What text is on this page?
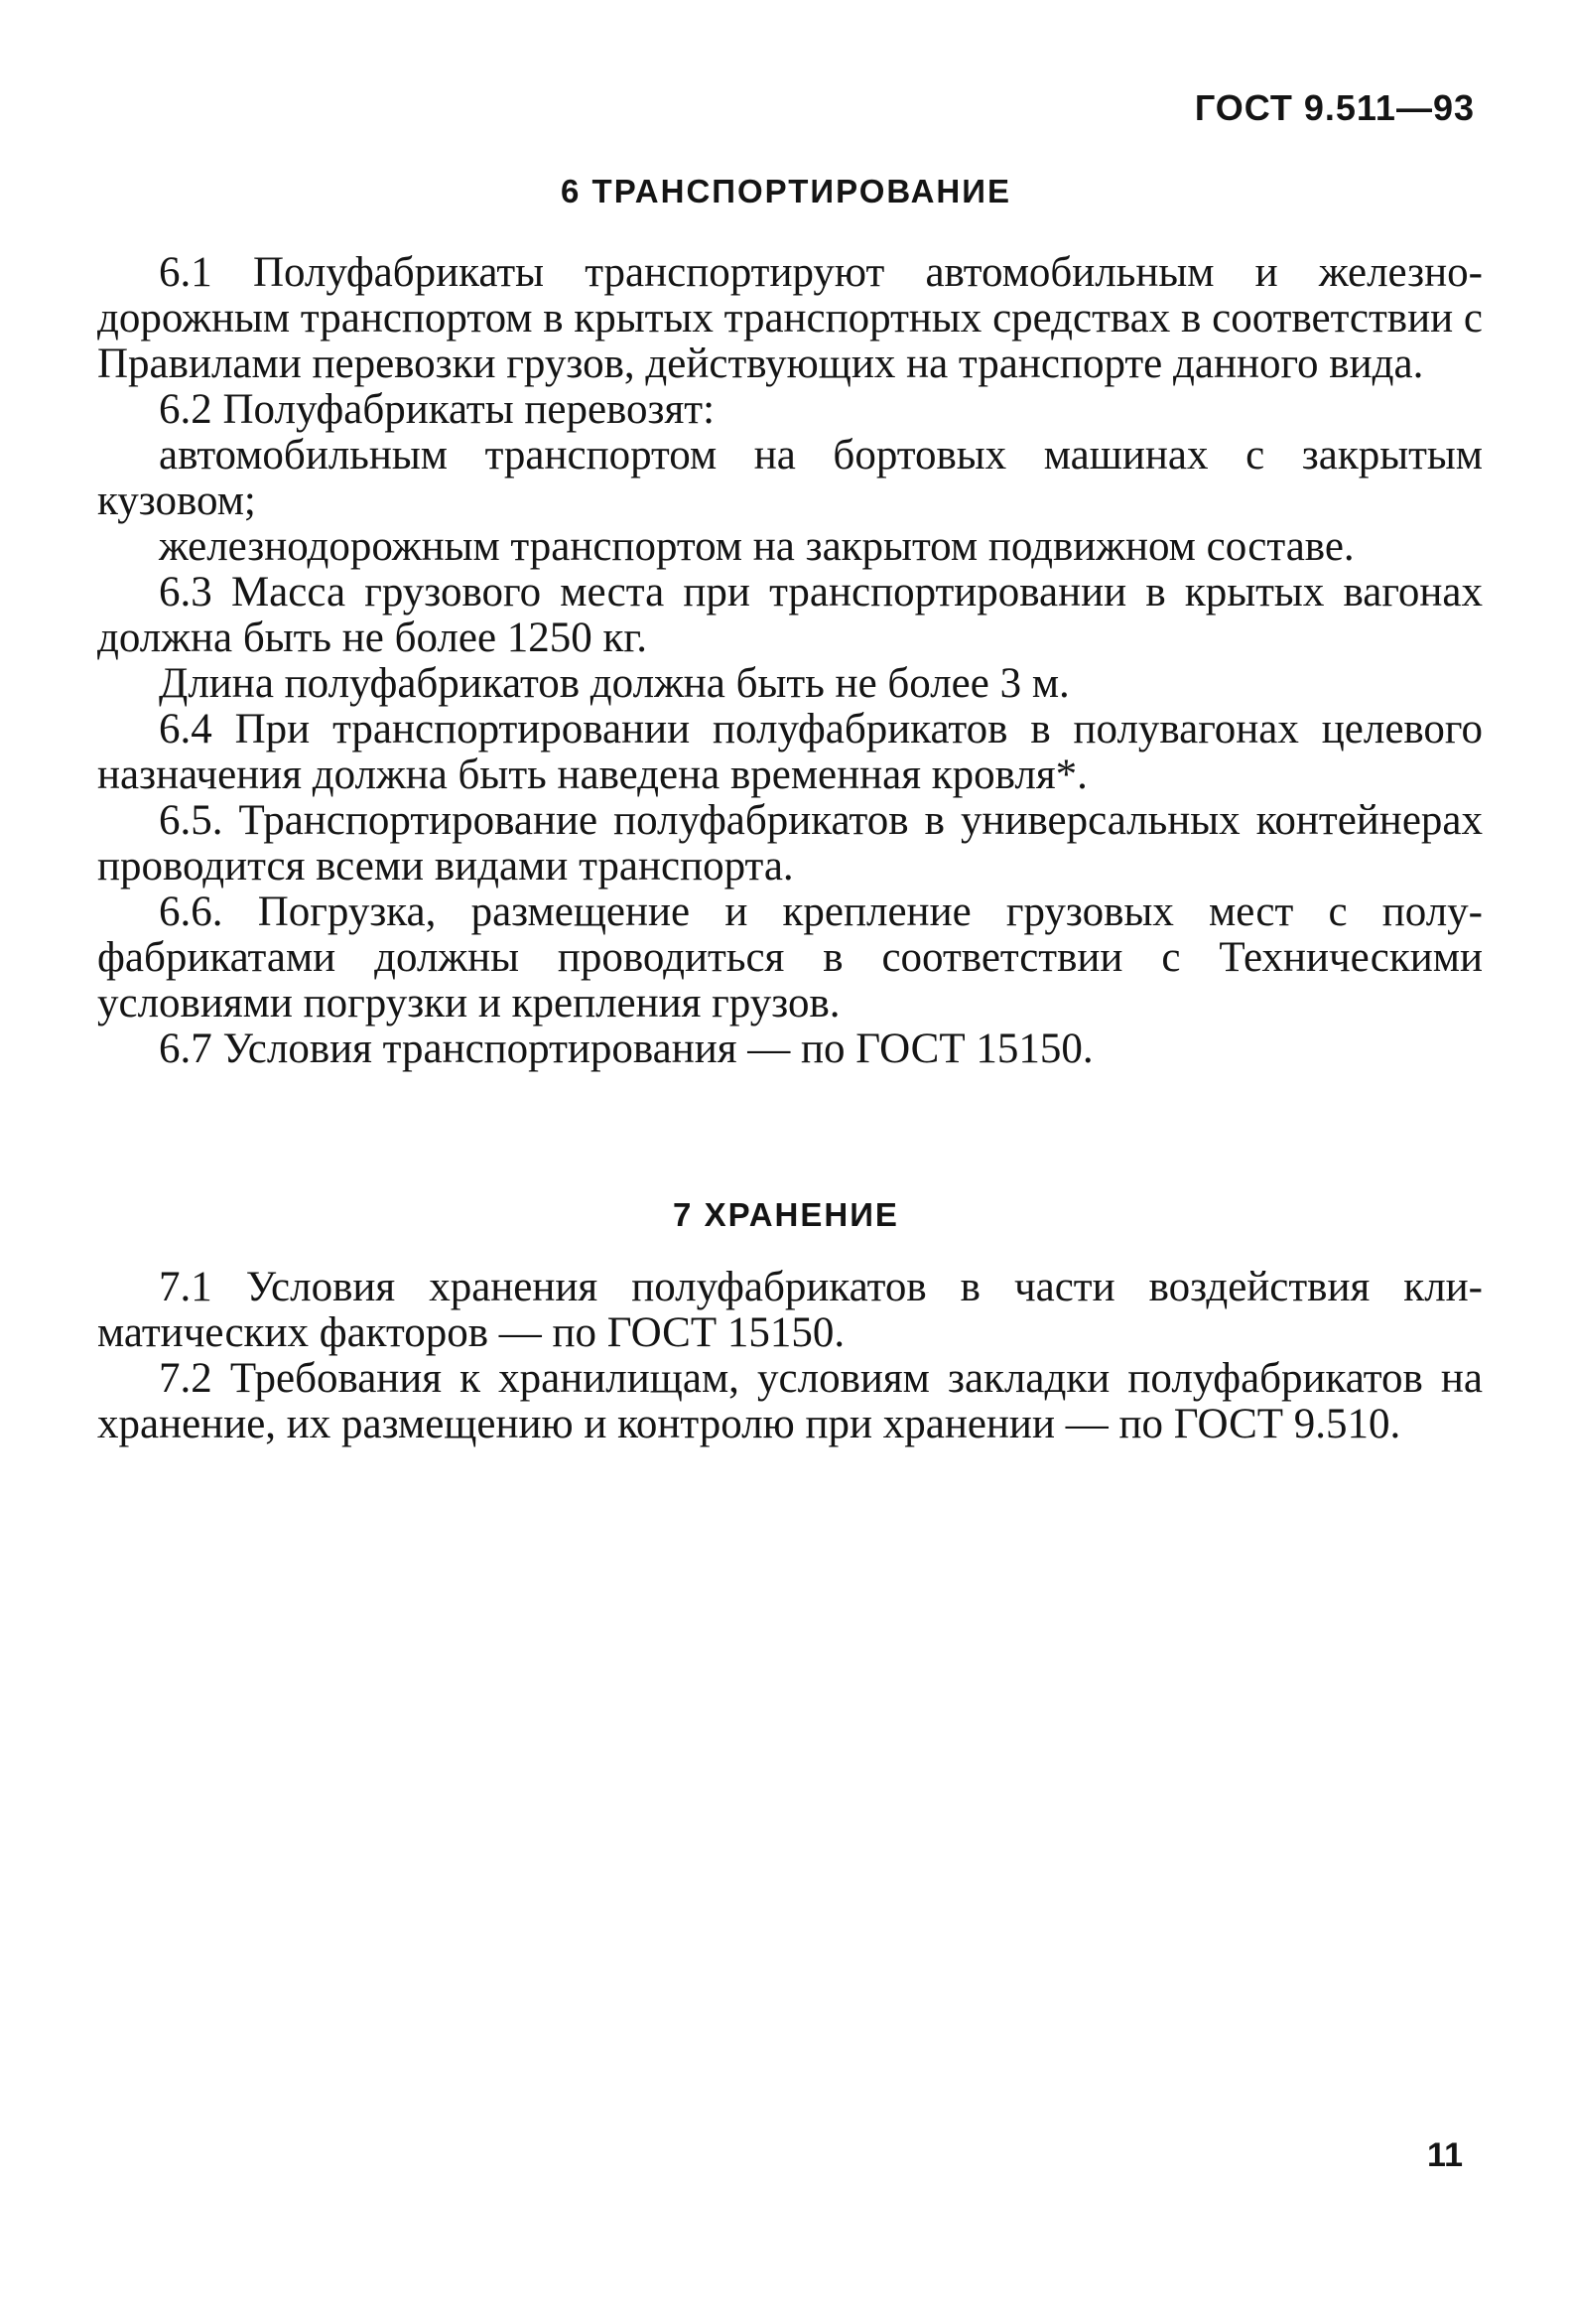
ГОСТ 9.511—93
6 ТРАНСПОРТИРОВАНИЕ

6.1 Полуфабрикаты транспортируют автомобильным и железнодорожным транспортом в крытых транспортных средствах в соответствии с Правилами перевозки грузов, действующих на транспорте данного вида.

6.2 Полуфабрикаты перевозят:

автомобильным транспортом на бортовых машинах с закрытым кузовом;

железнодорожным транспортом на закрытом подвижном составе.

6.3 Масса грузового места при транспортировании в крытых вагонах должна быть не более 1250 кг.

Длина полуфабрикатов должна быть не более 3 м.

6.4 При транспортировании полуфабрикатов в полувагонах целевого назначения должна быть наведена временная кровля*.

6.5. Транспортирование полуфабрикатов в универсальных контейнерах проводится всеми видами транспорта.

6.6. Погрузка, размещение и крепление грузовых мест с полуфабрикатами должны проводиться в соответствии с Техническими условиями погрузки и крепления грузов.

6.7 Условия транспортирования — по ГОСТ 15150.

7 ХРАНЕНИЕ

7.1 Условия хранения полуфабрикатов в части воздействия климатических факторов — по ГОСТ 15150.

7.2 Требования к хранилищам, условиям закладки полуфабрикатов на хранение, их размещению и контролю при хранении — по ГОСТ 9.510.

11
